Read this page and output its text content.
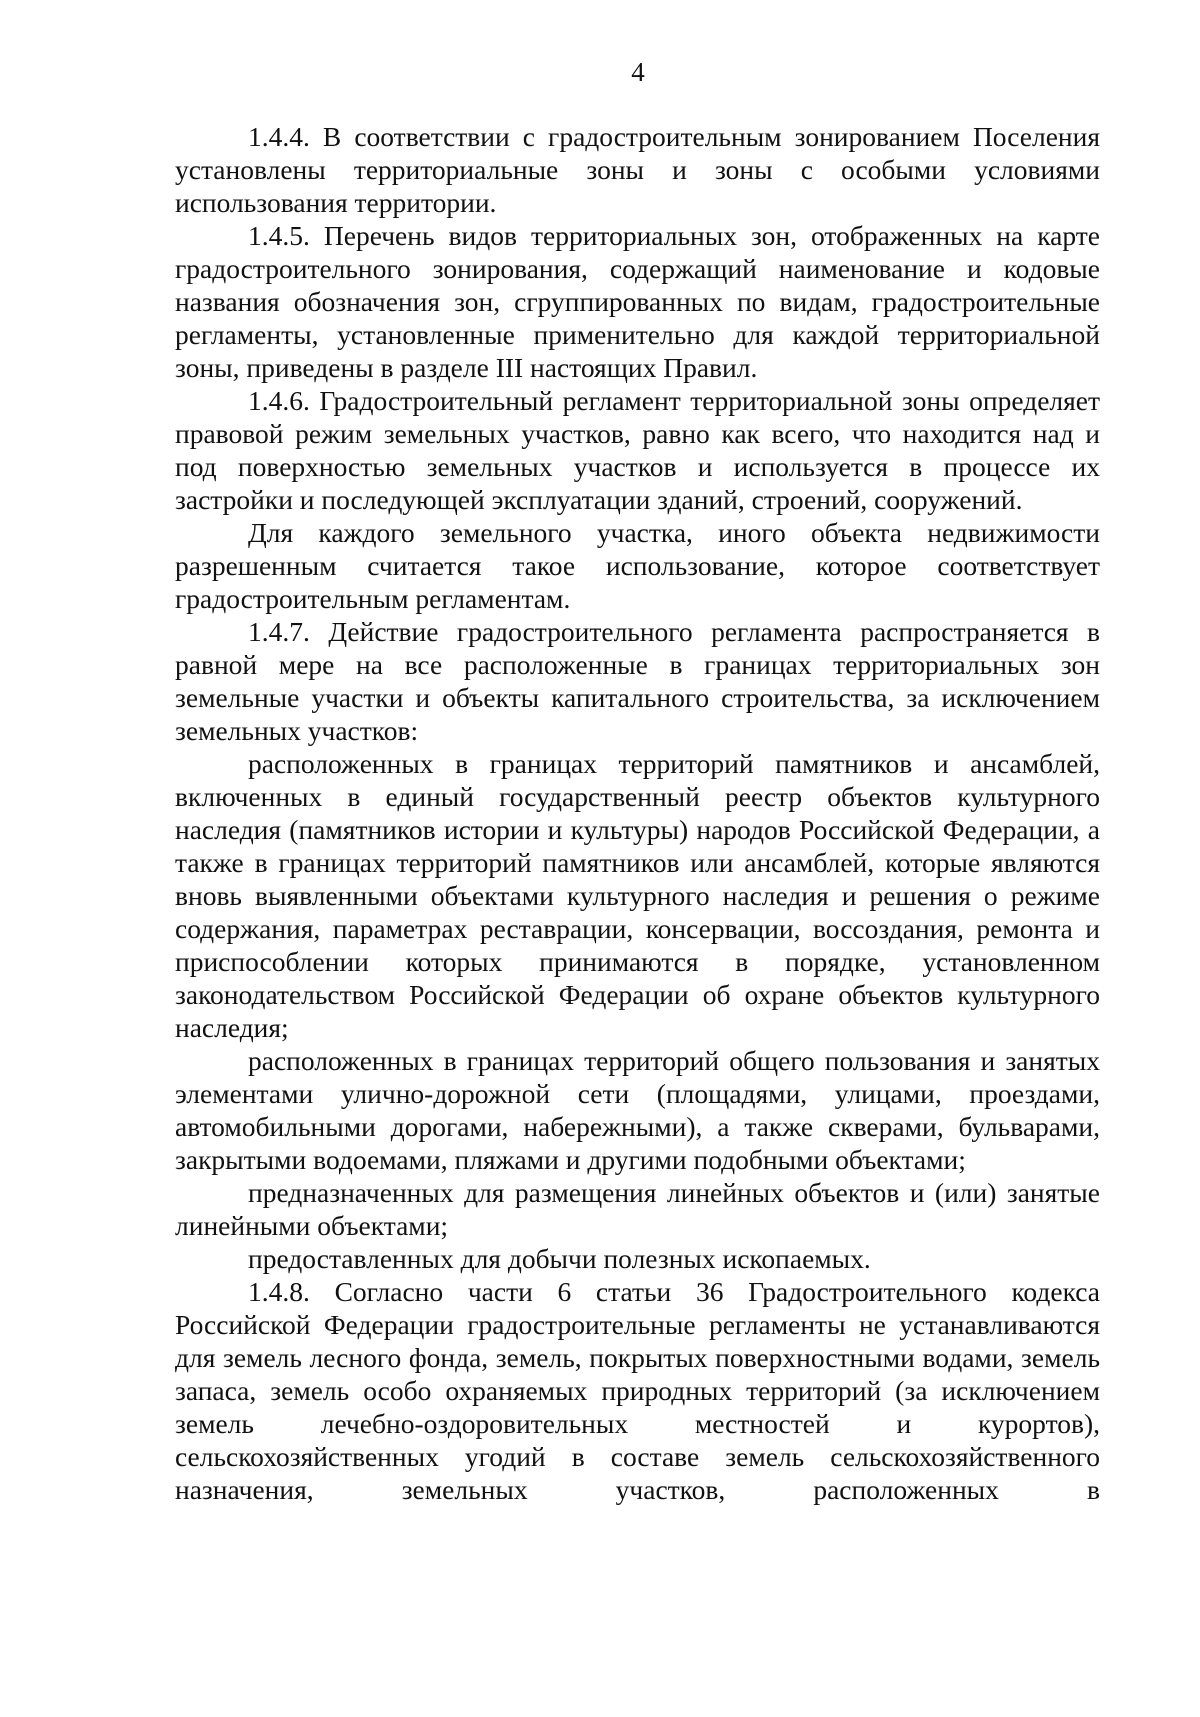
4

1.4.4. В соответствии с градостроительным зонированием Поселения установлены территориальные зоны и зоны с особыми условиями использования территории.

1.4.5. Перечень видов территориальных зон, отображенных на карте градостроительного зонирования, содержащий наименование и кодовые названия обозначения зон, сгруппированных по видам, градостроительные регламенты, установленные применительно для каждой территориальной зоны, приведены в разделе III настоящих Правил.

1.4.6. Градостроительный регламент территориальной зоны определяет правовой режим земельных участков, равно как всего, что находится над и под поверхностью земельных участков и используется в процессе их застройки и последующей эксплуатации зданий, строений, сооружений.

Для каждого земельного участка, иного объекта недвижимости разрешенным считается такое использование, которое соответствует градостроительным регламентам.

1.4.7. Действие градостроительного регламента распространяется в равной мере на все расположенные в границах территориальных зон земельные участки и объекты капитального строительства, за исключением земельных участков:

расположенных в границах территорий памятников и ансамблей, включенных в единый государственный реестр объектов культурного наследия (памятников истории и культуры) народов Российской Федерации, а также в границах территорий памятников или ансамблей, которые являются вновь выявленными объектами культурного наследия и решения о режиме содержания, параметрах реставрации, консервации, воссоздания, ремонта и приспособлении которых принимаются в порядке, установленном законодательством Российской Федерации об охране объектов культурного наследия;

расположенных в границах территорий общего пользования и занятых элементами улично-дорожной сети (площадями, улицами, проездами, автомобильными дорогами, набережными), а также скверами, бульварами, закрытыми водоемами, пляжами и другими подобными объектами;

предназначенных для размещения линейных объектов и (или) занятые линейными объектами;

предоставленных для добычи полезных ископаемых.

1.4.8. Согласно части 6 статьи 36 Градостроительного кодекса Российской Федерации градостроительные регламенты не устанавливаются для земель лесного фонда, земель, покрытых поверхностными водами, земель запаса, земель особо охраняемых природных территорий (за исключением земель лечебно-оздоровительных местностей и курортов), сельскохозяйственных угодий в составе земель сельскохозяйственного назначения, земельных участков, расположенных в
